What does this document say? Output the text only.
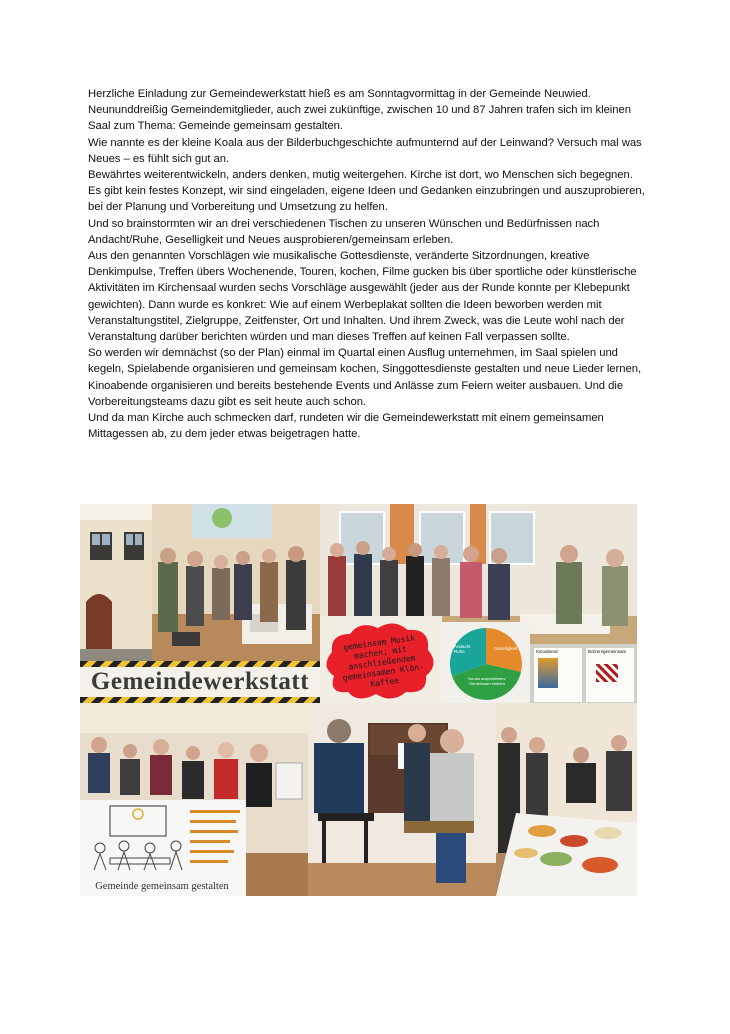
Herzliche Einladung zur Gemeindewerkstatt hieß es am Sonntagvormittag in der Gemeinde Neuwied.

Neununddreißig Gemeindemitglieder, auch zwei zukünftige, zwischen 10 und 87 Jahren trafen sich im kleinen Saal zum Thema: Gemeinde gemeinsam gestalten.

Wie nannte es der kleine Koala aus der Bilderbuchgeschichte aufmunternd auf der Leinwand? Versuch mal was Neues – es fühlt sich gut an.

Bewährtes weiterentwickeln, anders denken, mutig weitergehen. Kirche ist dort, wo Menschen sich begegnen.

Es gibt kein festes Konzept, wir sind eingeladen, eigene Ideen und Gedanken einzubringen und auszuprobieren, bei der Planung und Vorbereitung und Umsetzung zu helfen.

Und so brainstormten wir an drei verschiedenen Tischen zu unseren Wünschen und Bedürfnissen nach Andacht/Ruhe, Geselligkeit und Neues ausprobieren/gemeinsam erleben.

Aus den genannten Vorschlägen wie musikalische Gottesdienste, veränderte Sitzordnungen, kreative Denkimpulse, Treffen übers Wochenende, Touren, kochen, Filme gucken bis über sportliche oder künstlerische Aktivitäten im Kirchensaal wurden sechs Vorschläge ausgewählt (jeder aus der Runde konnte per Klebepunkt gewichten). Dann wurde es konkret: Wie auf einem Werbeplakat sollten die Ideen beworben werden mit Veranstaltungstitel, Zielgruppe, Zeitfenster, Ort und Inhalten. Und ihrem Zweck, was die Leute wohl nach der Veranstaltung darüber berichten würden und man dieses Treffen auf keinen Fall verpassen sollte.

So werden wir demnächst (so der Plan) einmal im Quartal einen Ausflug unternehmen, im Saal spielen und kegeln, Spielabende organisieren und gemeinsam kochen, Singgottesdienste gestalten und neue Lieder lernen, Kinoabende organisieren und bereits bestehende Events und Anlässe zum Feiern weiter ausbauen. Und die Vorbereitungsteams dazu gibt es seit heute auch schon.

Und da man Kirche auch schmecken darf, rundeten wir die Gemeindewerkstatt mit einem gemeinsamen Mittagessen ab, zu dem jeder etwas beigetragen hatte.

gemeinsam Musik machen, mit anschließendem gemeinsamen Klön-Kaffee
Andacht Ruhe
Geselligkeit
Neues ausprobieren/ Gemeinsam erleben
Kinoabend	Bolzen/gemeinsam
Gemeindewerkstatt
Gemeinde gemeinsam gestalten
